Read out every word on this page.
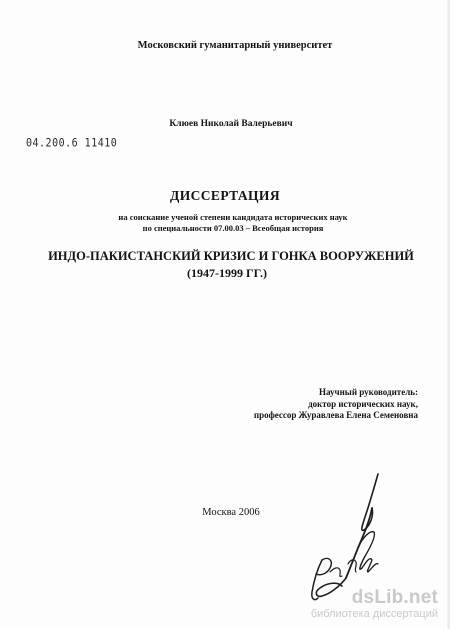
Московский гуманитарный университет
Клюев Николай Валерьевич
04.200.6 11410
ДИССЕРТАЦИЯ
на соискание ученой степени кандидата исторических наук
по специальности 07.00.03 – Всеобщая история
ИНДО-ПАКИСТАНСКИЙ КРИЗИС И ГОНКА ВООРУЖЕНИЙ
(1947-1999 ГГ.)
Научный руководитель:
доктор исторических наук,
профессор Журавлева Елена Семеновна
Москва 2006
dsLib.net
библиотека диссертаций
